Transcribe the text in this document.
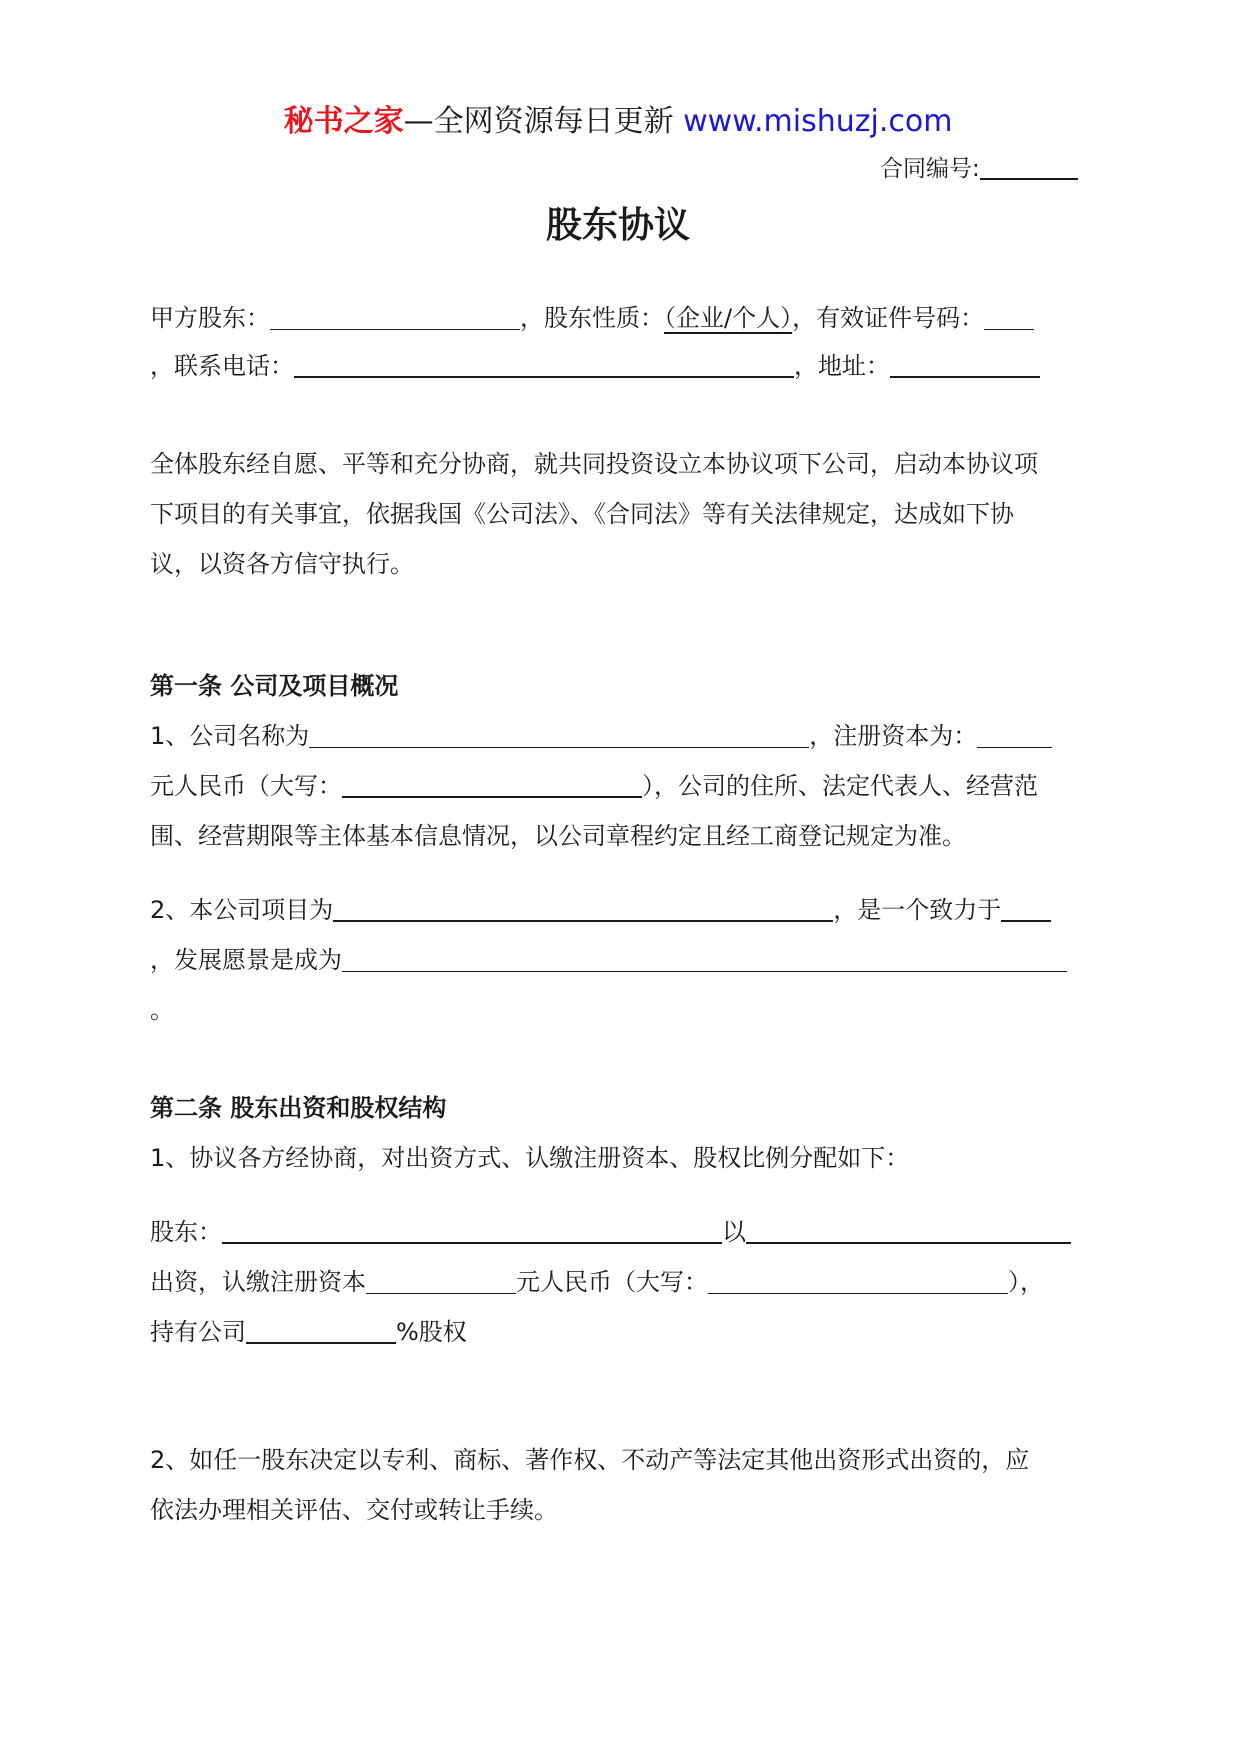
秘书之家—全网资源每日更新 www.mishuzj.com
合同编号:
股东协议
甲方股东：	，股东性质：（企业/个人），有效证件号码：
，联系电话：	，地址：
全体股东经自愿、平等和充分协商，就共同投资设立本协议项下公司，启动本协议项
下项目的有关事宜，依据我国《公司法》、《合同法》等有关法律规定，达成如下协
议，以资各方信守执行。
第一条 公司及项目概况
1、公司名称为	，注册资本为：
元人民币（大写：	），公司的住所、法定代表人、经营范
围、经营期限等主体基本信息情况，以公司章程约定且经工商登记规定为准。
2、本公司项目为	，是一个致力于
，发展愿景是成为
。
第二条 股东出资和股权结构
1、协议各方经协商，对出资方式、认缴注册资本、股权比例分配如下：
股东：	以
出资，认缴注册资本	元人民币（大写：	），
持有公司	%股权
2、如任一股东决定以专利、商标、著作权、不动产等法定其他出资形式出资的，应
依法办理相关评估、交付或转让手续。
